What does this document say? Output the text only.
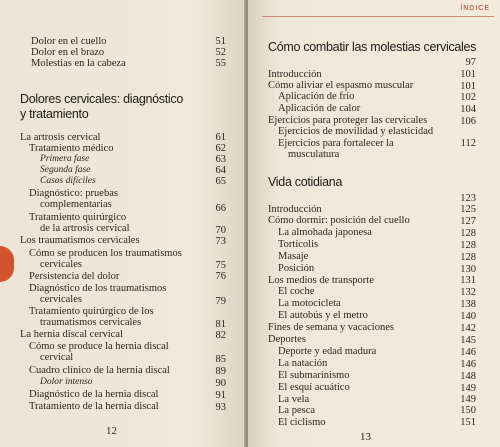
Dolor en el cuello	51
Dolor en el brazo	52
Molestias en la cabeza	55
Dolores cervicales: diagnóstico
y tratamiento
La artrosis cervical	61
Tratamiento médico	62
Primera fase	63
Segunda fase	64
Casos difíciles	65
Diagnóstico: pruebas
complementarias	66
Tratamiento quirúrgico
de la artrosis cervical	70
Los traumatismos cervicales	73
Cómo se producen los traumatismos
cervicales	75
Persistencia del dolor	76
Diagnóstico de los traumatismos
cervicales	79
Tratamiento quirúrgico de los
traumatismos cervicales	81
La hernia discal cervical	82
Cómo se produce la hernia discal
cervical	85
Cuadro clínico de la hernia discal	89
Dolor intenso	90
Diagnóstico de la hernia discal	91
Tratamiento de la hernia discal	93
12
ÍNDICE
Cómo combatir las molestias cervicales
97
Introducción	101
Cómo aliviar el espasmo muscular	101
Aplicación de frío	102
Aplicación de calor	104
Ejercicios para proteger las cervicales	106
Ejercicios de movilidad y elasticidad
Ejercicios para fortalecer la	112
musculatura
Vida cotidiana
123
Introducción	125
Cómo dormir: posición del cuello	127
La almohada japonesa	128
Tortícolis	128
Masaje	128
Posición	130
Los medios de transporte	131
El coche	132
La motocicleta	138
El autobús y el metro	140
Fines de semana y vacaciones	142
Deportes	145
Deporte y edad madura	146
La natación	146
El submarinismo	148
El esquí acuático	149
La vela	149
La pesca	150
El ciclismo	151
13
